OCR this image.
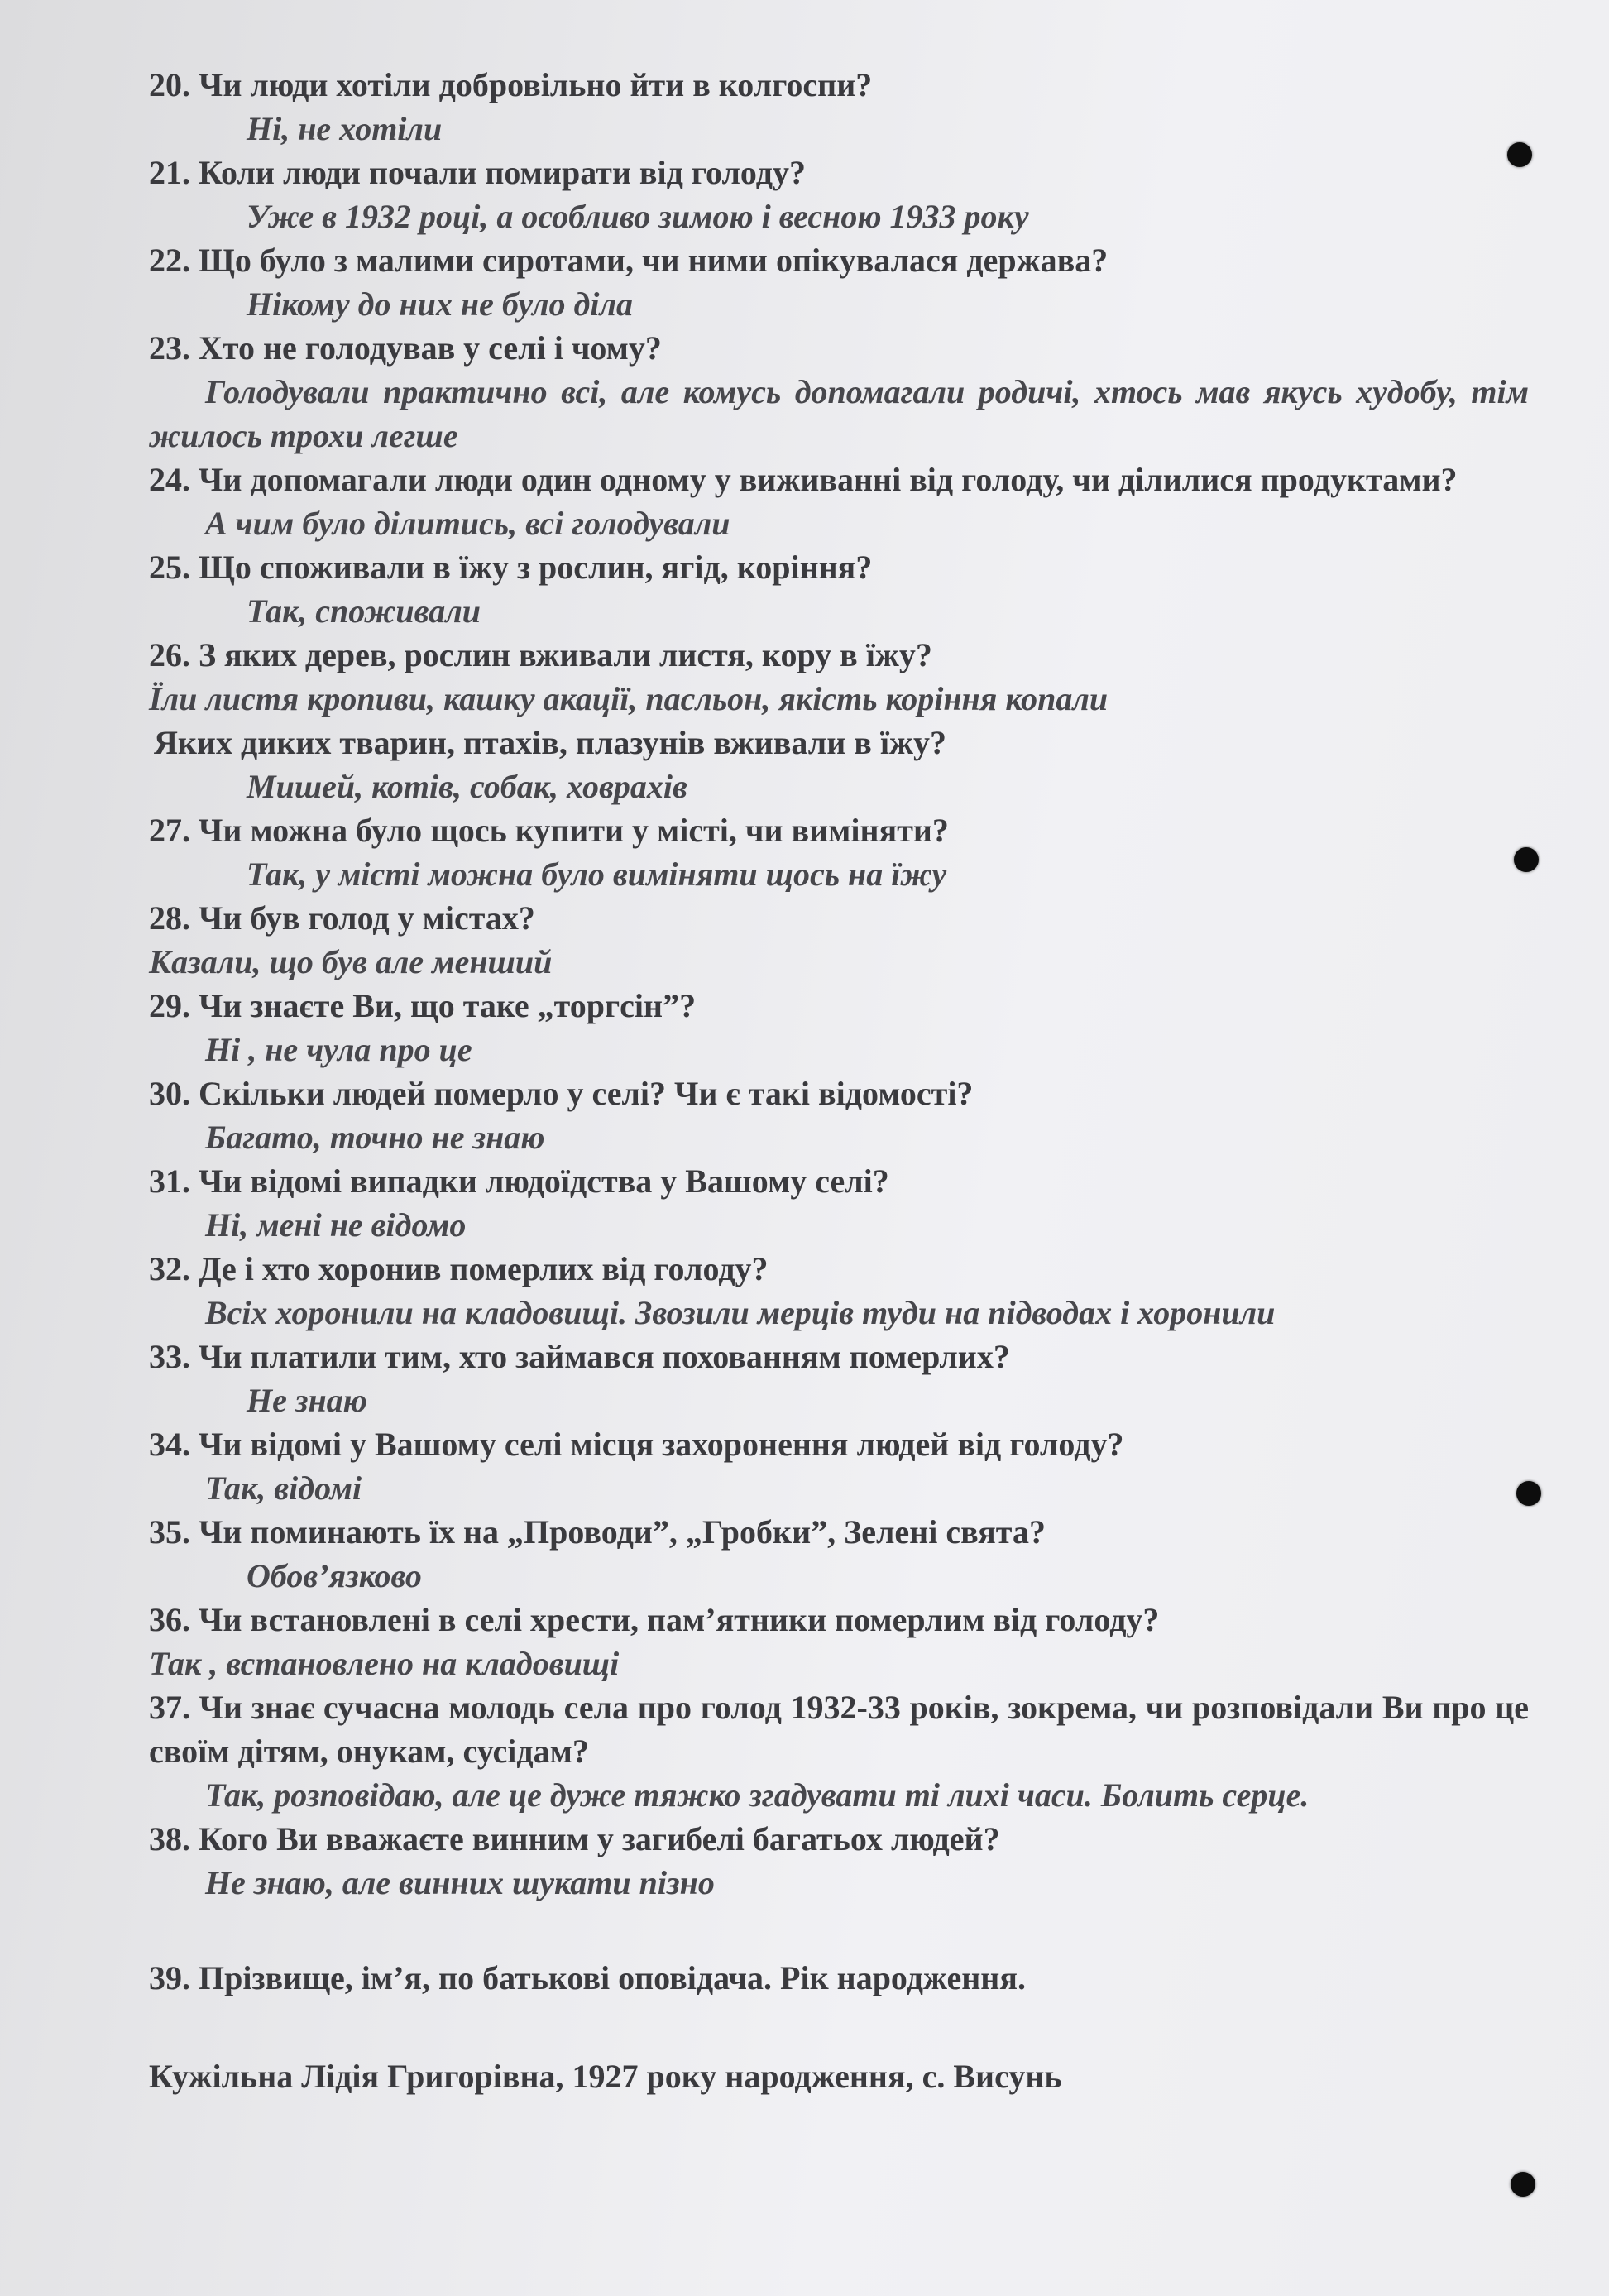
20. Чи люди хотіли добровільно йти в колгоспи?
Ні, не хотіли
21. Коли люди почали помирати від голоду?
Уже в 1932 році, а особливо зимою і весною 1933 року
22. Що було з малими сиротами, чи ними опікувалася держава?
Нікому до них не було діла
23. Хто не голодував у селі і чому?
Голодували практично всі, але комусь допомагали родичі, хтось мав якусь худобу, тім жилось трохи легше
24. Чи допомагали люди один одному у виживанні від голоду, чи ділилися продуктами?
А чим було ділитись, всі голодували
25. Що споживали в їжу з рослин, ягід, коріння?
Так, споживали
26. З яких дерев, рослин вживали листя, кору в їжу?
Їли листя кропиви, кашку акації, пасльон, якість коріння копали
Яких диких тварин, птахів, плазунів вживали в їжу?
Мишей, котів, собак, ховрахів
27. Чи можна було щось купити у місті, чи виміняти?
Так, у місті можна було виміняти щось на їжу
28. Чи був голод у містах?
Казали, що був але менший
29. Чи знаєте Ви, що таке „торгсін”?
Ні , не чула про це
30. Скільки людей померло у селі? Чи є такі відомості?
Багато, точно не знаю
31. Чи відомі випадки людоїдства у Вашому селі?
Ні, мені не відомо
32. Де і хто хоронив померлих від голоду?
Всіх хоронили на кладовищі. Звозили мерців туди на підводах і хоронили
33. Чи платили тим, хто займався похованням померлих?
Не знаю
34. Чи відомі у Вашому селі місця захоронення людей від голоду?
Так, відомі
35. Чи поминають їх на „Проводи”, „Гробки”, Зелені свята?
Обов’язково
36. Чи встановлені в селі хрести, пам’ятники померлим від голоду?
Так , встановлено на кладовищі
37. Чи знає сучасна молодь села про голод 1932-33 років, зокрема, чи розповідали Ви про це своїм дітям, онукам, сусідам?
Так, розповідаю, але це дуже тяжко згадувати ті лихі часи. Болить серце.
38. Кого Ви вважаєте винним у загибелі багатьох людей?
Не знаю, але винних шукати пізно
39. Прізвище, ім’я, по батькові оповідача. Рік народження.
Кужільна Лідія Григорівна, 1927 року народження, с. Висунь
